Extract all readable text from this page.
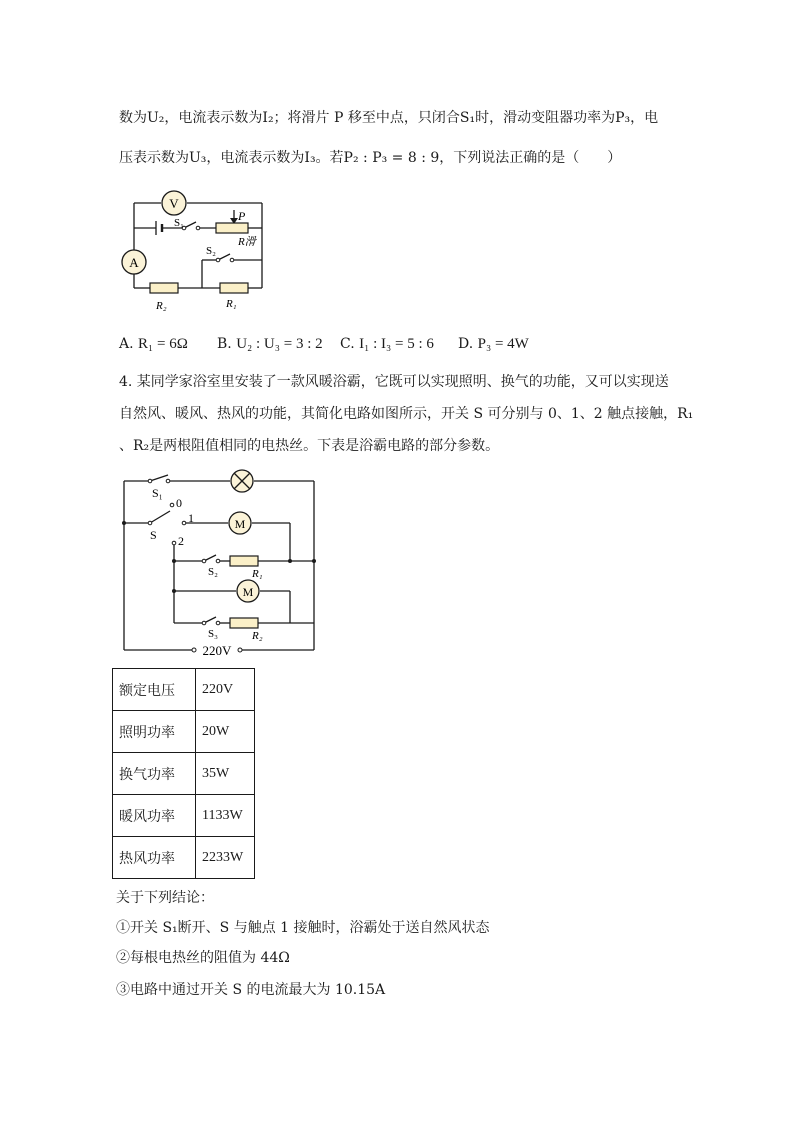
数为U₂，电流表示数为I₂；将滑片 P 移至中点，只闭合S₁时，滑动变阻器功率为P₃，电
压表示数为U₃，电流表示数为I₃。若P₂ : P₃ = 8 : 9，下列说法正确的是（　　）
V
A
S₁
S₂
P
R滑
R₂	R₁
A. R₁ = 6Ω B. U₂ : U₃ = 3 : 2 C. I₁ : I₃ = 5 : 6 D. P₃ = 4W
4. 某同学家浴室里安装了一款风暖浴霸，它既可以实现照明、换气的功能，又可以实现送
自然风、暖风、热风的功能，其简化电路如图所示，开关 S 可分别与 0、1、2 触点接触，R₁
、R₂是两根阻值相同的电热丝。下表是浴霸电路的部分参数。
M
M
S₁
0
1
2
S
S₂	R₁
S₃	R₂
220V
额定电压	220V
照明功率	20W
换气功率	35W
暖风功率	1133W
热风功率	2233W
关于下列结论：
①开关 S₁断开、S 与触点 1 接触时，浴霸处于送自然风状态
②每根电热丝的阻值为 44Ω
③电路中通过开关 S 的电流最大为 10.15A
